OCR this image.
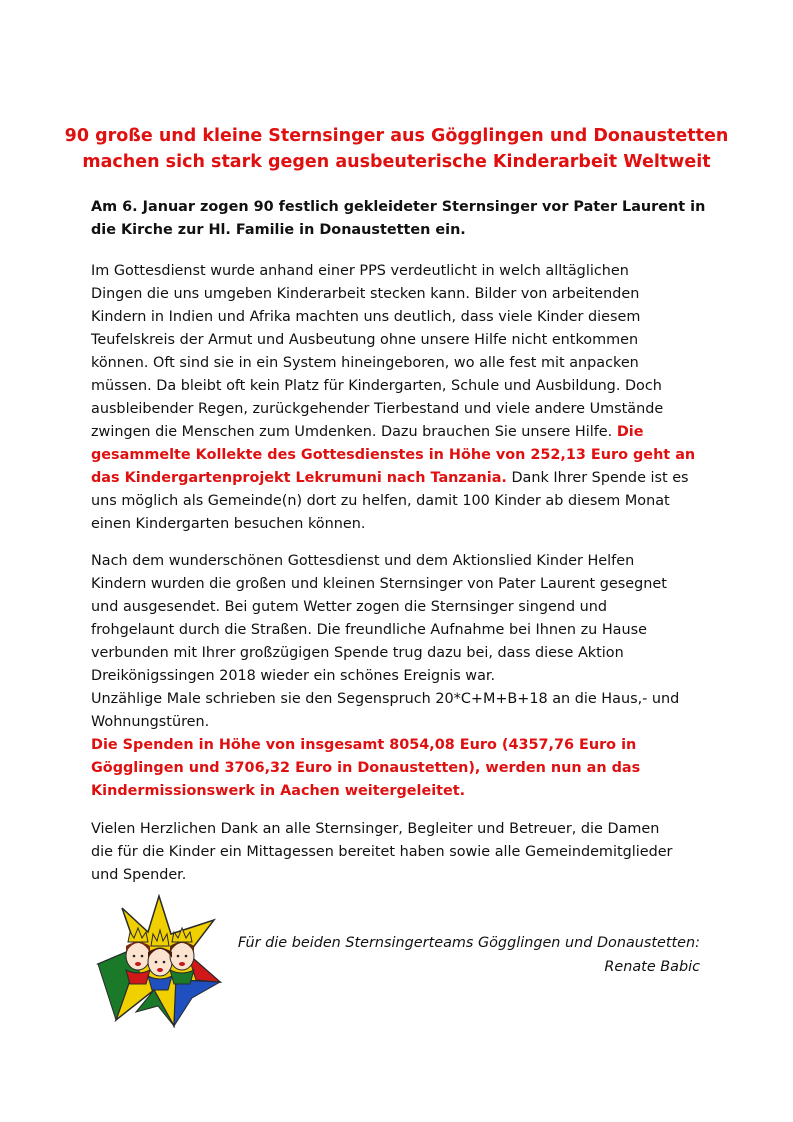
90 große und kleine Sternsinger aus Gögglingen und Donaustetten
machen sich stark gegen ausbeuterische Kinderarbeit Weltweit
Am 6. Januar zogen 90 festlich gekleideter Sternsinger vor Pater Laurent in
die Kirche zur Hl. Familie in Donaustetten ein.
Im Gottesdienst wurde anhand einer PPS verdeutlicht in welch alltäglichen
Dingen die uns umgeben Kinderarbeit stecken kann. Bilder von arbeitenden
Kindern in Indien und Afrika machten uns deutlich, dass viele Kinder diesem
Teufelskreis der Armut und Ausbeutung ohne unsere Hilfe nicht entkommen
können. Oft sind sie in ein System hineingeboren, wo alle fest mit anpacken
müssen. Da bleibt oft kein Platz für Kindergarten, Schule und Ausbildung. Doch
ausbleibender Regen, zurückgehender Tierbestand und viele andere Umstände
zwingen die Menschen zum Umdenken. Dazu brauchen Sie unsere Hilfe. Die
gesammelte Kollekte des Gottesdienstes in Höhe von 252,13 Euro geht an
das Kindergartenprojekt Lekrumuni nach Tanzania. Dank Ihrer Spende ist es
uns möglich als Gemeinde(n) dort zu helfen, damit 100 Kinder ab diesem Monat
einen Kindergarten besuchen können.
Nach dem wunderschönen Gottesdienst und dem Aktionslied Kinder Helfen
Kindern wurden die großen und kleinen Sternsinger von Pater Laurent gesegnet
und ausgesendet. Bei gutem Wetter zogen die Sternsinger singend und
frohgelaunt durch die Straßen. Die freundliche Aufnahme bei Ihnen zu Hause
verbunden mit Ihrer großzügigen Spende trug dazu bei, dass diese Aktion
Dreikönigssingen 2018 wieder ein schönes Ereignis war.
Unzählige Male schrieben sie den Segenspruch 20*C+M+B+18 an die Haus,- und
Wohnungstüren.
Die Spenden in Höhe von insgesamt 8054,08 Euro (4357,76 Euro in
Gögglingen und 3706,32 Euro in Donaustetten), werden nun an das
Kindermissionswerk in Aachen weitergeleitet.
Vielen Herzlichen Dank an alle Sternsinger, Begleiter und Betreuer, die Damen
die für die Kinder ein Mittagessen bereitet haben sowie alle Gemeindemitglieder
und Spender.
Für die beiden Sternsingerteams Gögglingen und Donaustetten:
Renate Babic
